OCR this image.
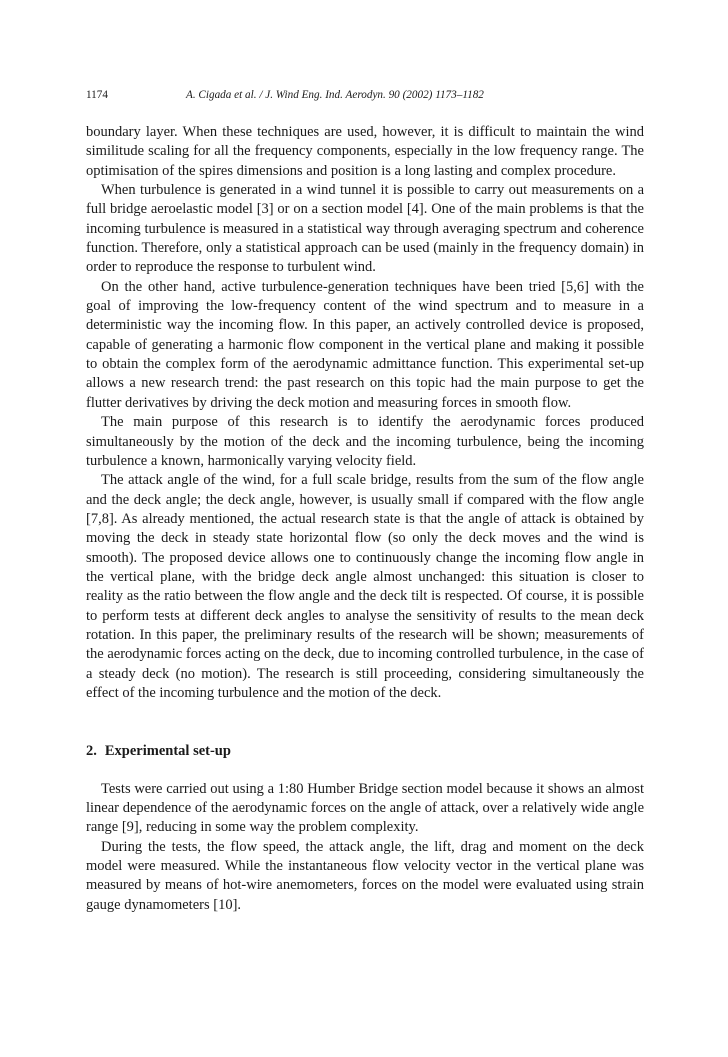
1174	A. Cigada et al. / J. Wind Eng. Ind. Aerodyn. 90 (2002) 1173–1182

boundary layer. When these techniques are used, however, it is difficult to maintain the wind similitude scaling for all the frequency components, especially in the low frequency range. The optimisation of the spires dimensions and position is a long lasting and complex procedure.

When turbulence is generated in a wind tunnel it is possible to carry out measurements on a full bridge aeroelastic model [3] or on a section model [4]. One of the main problems is that the incoming turbulence is measured in a statistical way through averaging spectrum and coherence function. Therefore, only a statistical approach can be used (mainly in the frequency domain) in order to reproduce the response to turbulent wind.

On the other hand, active turbulence-generation techniques have been tried [5,6] with the goal of improving the low-frequency content of the wind spectrum and to measure in a deterministic way the incoming flow. In this paper, an actively controlled device is proposed, capable of generating a harmonic flow component in the vertical plane and making it possible to obtain the complex form of the aerodynamic admittance function. This experimental set-up allows a new research trend: the past research on this topic had the main purpose to get the flutter derivatives by driving the deck motion and measuring forces in smooth flow.

The main purpose of this research is to identify the aerodynamic forces produced simultaneously by the motion of the deck and the incoming turbulence, being the incoming turbulence a known, harmonically varying velocity field.

The attack angle of the wind, for a full scale bridge, results from the sum of the flow angle and the deck angle; the deck angle, however, is usually small if compared with the flow angle [7,8]. As already mentioned, the actual research state is that the angle of attack is obtained by moving the deck in steady state horizontal flow (so only the deck moves and the wind is smooth). The proposed device allows one to continuously change the incoming flow angle in the vertical plane, with the bridge deck angle almost unchanged: this situation is closer to reality as the ratio between the flow angle and the deck tilt is respected. Of course, it is possible to perform tests at different deck angles to analyse the sensitivity of results to the mean deck rotation. In this paper, the preliminary results of the research will be shown; measurements of the aerodynamic forces acting on the deck, due to incoming controlled turbulence, in the case of a steady deck (no motion). The research is still proceeding, considering simultaneously the effect of the incoming turbulence and the motion of the deck.

2. Experimental set-up

Tests were carried out using a 1:80 Humber Bridge section model because it shows an almost linear dependence of the aerodynamic forces on the angle of attack, over a relatively wide angle range [9], reducing in some way the problem complexity.

During the tests, the flow speed, the attack angle, the lift, drag and moment on the deck model were measured. While the instantaneous flow velocity vector in the vertical plane was measured by means of hot-wire anemometers, forces on the model were evaluated using strain gauge dynamometers [10].
